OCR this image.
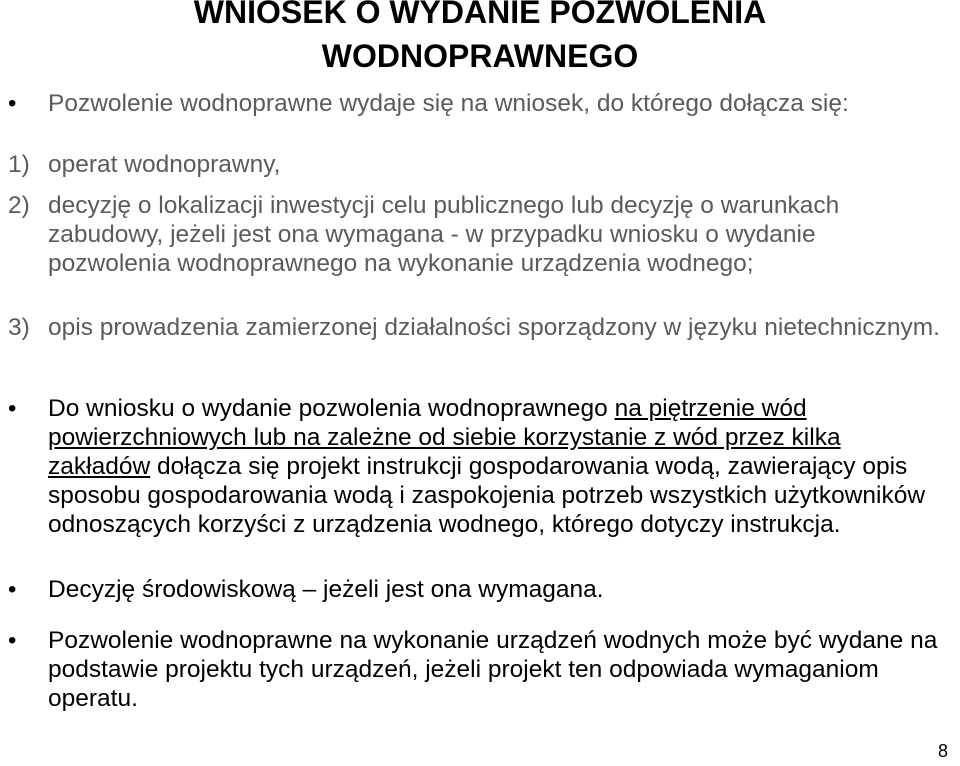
WNIOSEK O WYDANIE POZWOLENIA
WODNOPRAWNEGO
• Pozwolenie wodnoprawne wydaje się na wniosek, do którego dołącza się:

1) operat wodnoprawny,
2) decyzję o lokalizacji inwestycji celu publicznego lub decyzję o warunkach zabudowy, jeżeli jest ona wymagana - w przypadku wniosku o wydanie pozwolenia wodnoprawnego na wykonanie urządzenia wodnego;
3) opis prowadzenia zamierzonej działalności sporządzony w języku nietechnicznym.
• Do wniosku o wydanie pozwolenia wodnoprawnego na piętrzenie wód powierzchniowych lub na zależne od siebie korzystanie z wód przez kilka zakładów dołącza się projekt instrukcji gospodarowania wodą, zawierający opis sposobu gospodarowania wodą i zaspokojenia potrzeb wszystkich użytkowników odnoszących korzyści z urządzenia wodnego, którego dotyczy instrukcja.

• Decyzję środowiskową – jeżeli jest ona wymagana.

• Pozwolenie wodnoprawne na wykonanie urządzeń wodnych może być wydane na podstawie projektu tych urządzeń, jeżeli projekt ten odpowiada wymaganiom operatu.

8
